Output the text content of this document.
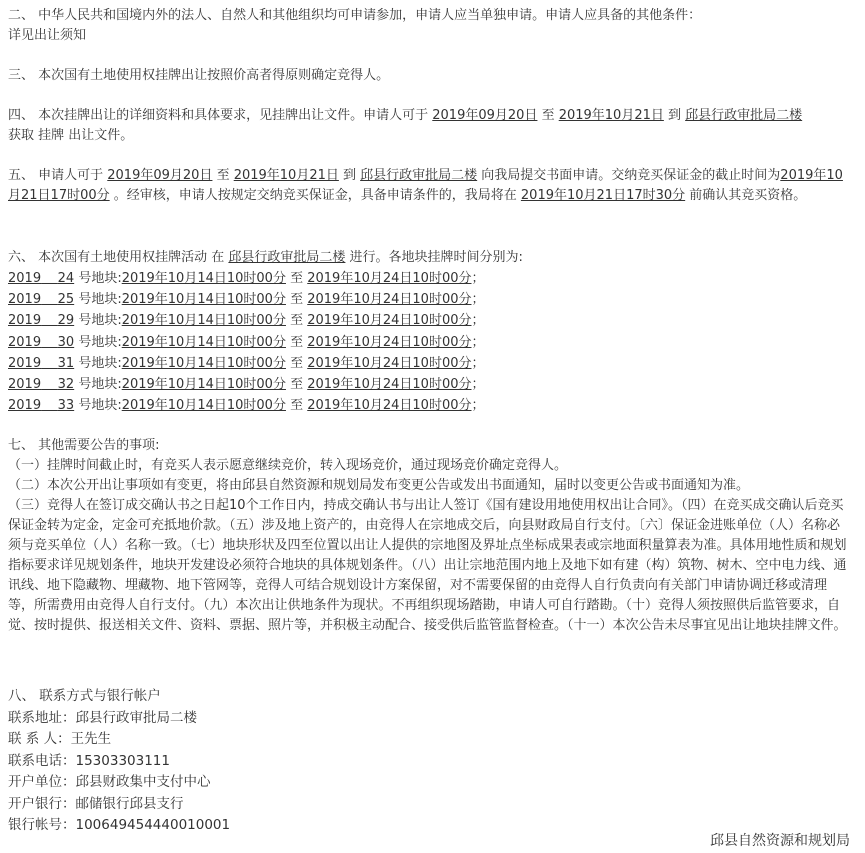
二、 中华人民共和国境内外的法人、自然人和其他组织均可申请参加，申请人应当单独申请。申请人应具备的其他条件：
详见出让须知

三、 本次国有土地使用权挂牌出让按照价高者得原则确定竞得人。

四、 本次挂牌出让的详细资料和具体要求，见挂牌出让文件。申请人可于 2019年09月20日 至 2019年10月21日 到 邱县行政审批局二楼
获取 挂牌 出让文件。

五、 申请人可于 2019年09月20日 至 2019年10月21日 到 邱县行政审批局二楼 向我局提交书面申请。交纳竞买保证金的截止时间为2019年10月21日17时00分 。经审核，申请人按规定交纳竞买保证金，具备申请条件的，我局将在 2019年10月21日17时30分 前确认其竞买资格。

六、 本次国有土地使用权挂牌活动 在 邱县行政审批局二楼 进行。各地块挂牌时间分别为:

2019 24 号地块:2019年10月14日10时00分 至 2019年10月24日10时00分；
2019 25 号地块:2019年10月14日10时00分 至 2019年10月24日10时00分；
2019 29 号地块:2019年10月14日10时00分 至 2019年10月24日10时00分；
2019 30 号地块:2019年10月14日10时00分 至 2019年10月24日10时00分；
2019 31 号地块:2019年10月14日10时00分 至 2019年10月24日10时00分；
2019 32 号地块:2019年10月14日10时00分 至 2019年10月24日10时00分；
2019 33 号地块:2019年10月14日10时00分 至 2019年10月24日10时00分；

七、 其他需要公告的事项:
（一）挂牌时间截止时，有竞买人表示愿意继续竞价，转入现场竞价，通过现场竞价确定竞得人。
（二）本次公开出让事项如有变更，将由邱县自然资源和规划局发布变更公告或发出书面通知，届时以变更公告或书面通知为准。
（三）竞得人在签订成交确认书之日起10个工作日内，持成交确认书与出让人签订《国有建设用地使用权出让合同》。（四）在竞买成交确认后竞买保证金转为定金，定金可充抵地价款。（五）涉及地上资产的，由竞得人在宗地成交后，向县财政局自行支付。〔六〕保证金进账单位（人）名称必须与竞买单位（人）名称一致。（七）地块形状及四至位置以出让人提供的宗地图及界址点坐标成果表或宗地面积量算表为准。具体用地性质和规划指标要求详见规划条件，地块开发建设必须符合地块的具体规划条件。（八）出让宗地范围内地上及地下如有建（构）筑物、树木、空中电力线、通讯线、地下隐藏物、埋藏物、地下管网等，竞得人可结合规划设计方案保留，对不需要保留的由竞得人自行负责向有关部门申请协调迁移或清理等，所需费用由竞得人自行支付。（九）本次出让供地条件为现状。不再组织现场踏勘，申请人可自行踏勘。（十）竞得人须按照供后监管要求，自觉、按时提供、报送相关文件、资料、票据、照片等，并积极主动配合、接受供后监管监督检查。（十一）本次公告未尽事宜见出让地块挂牌文件。

八、 联系方式与银行帐户
联系地址：邱县行政审批局二楼
联 系 人：王先生
联系电话：15303303111
开户单位：邱县财政集中支付中心
开户银行：邮储银行邱县支行
银行帐号：100649454440010001
邱县自然资源和规划局
